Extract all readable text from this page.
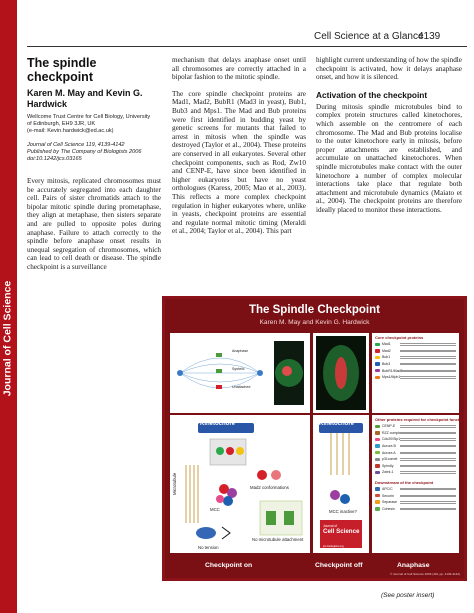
Journal of Cell Science
Cell Science at a Glance
4139
The spindle checkpoint
Karen M. May and Kevin G. Hardwick
Wellcome Trust Centre for Cell Biology, University
of Edinburgh, EH9 3JR, UK
(e-mail: Kevin.hardwick@ed.ac.uk)
Journal of Cell Science 119, 4139-4142
Published by The Company of Biologists 2006
doi:10.1242/jcs.03165

Every mitosis, replicated chromosomes must be accurately segregated into each daughter cell. Pairs of sister chromatids attach to the bipolar mitotic spindle during prometaphase, they align at metaphase, then sisters separate and are pulled to opposite poles during anaphase. Failure to attach correctly to the spindle before anaphase onset results in unequal segregation of chromosomes, which can lead to cell death or disease. The spindle checkpoint is a surveillance

mechanism that delays anaphase onset until all chromosomes are correctly attached in a bipolar fashion to the mitotic spindle.

The core spindle checkpoint proteins are Mad1, Mad2, BubR1 (Mad3 in yeast), Bub1, Bub3 and Mps1. The Mad and Bub proteins were first identified in budding yeast by genetic screens for mutants that failed to arrest in mitosis when the spindle was destroyed (Taylor et al., 2004). These proteins are conserved in all eukaryotes. Several other checkpoint components, such as Rod, Zw10 and CENP-E, have since been identified in higher eukaryotes but have no yeast orthologues (Karess, 2005; Mao et al., 2003). This reflects a more complex checkpoint regulation in higher eukaryotes where, unlike in yeasts, checkpoint proteins are essential and regulate normal mitotic timing (Meraldi et al., 2004; Taylor et al., 2004). This part

highlight current understanding of how the spindle checkpoint is activated, how it delays anaphase onset, and how it is silenced.

Activation of the checkpoint

During mitosis spindle microtubules bind to complex protein structures called kinetochores, which assemble on the centromere of each chromosome. The Mad and Bub proteins localise to the outer kinetochore early in mitosis, before proper attachments are established, and accumulate on unattached kinetochores. When spindle microtubules make contact with the outer kinetochore a number of complex molecular interactions take place that regulate both attachment and microtubule dynamics (Maiato et al., 2004). The checkpoint proteins are therefore ideally placed to monitor these interactions.

The Spindle Checkpoint
Karen M. May and Kevin G. Hardwick
Anaphase
Syntelic
Unattached
Core checkpoint proteins
Mad1
Mad2
Bub1
Bub3
BubR1/Mad3
Mps1/Mph1
Kinetochore
Microtubule	Mad2 conformations
MCC
No tension
No microtubule attachment
Kinetochore
MCC inactive?
Journal of
Cell Science
jcs.biologists.org
Other proteins required for checkpoint function
CENP-E
RZZ complex
Cdc20/Slp1
Aurora B
Aurora A
p31comet
Spindly
Zwint-1
Downstream of the checkpoint
APC/C
Securin
Separase
Cohesin
Checkpoint on	Checkpoint off	Anaphase
© Journal of Cell Science 2006 (119, pp. 4139-4142)
(See poster insert)
